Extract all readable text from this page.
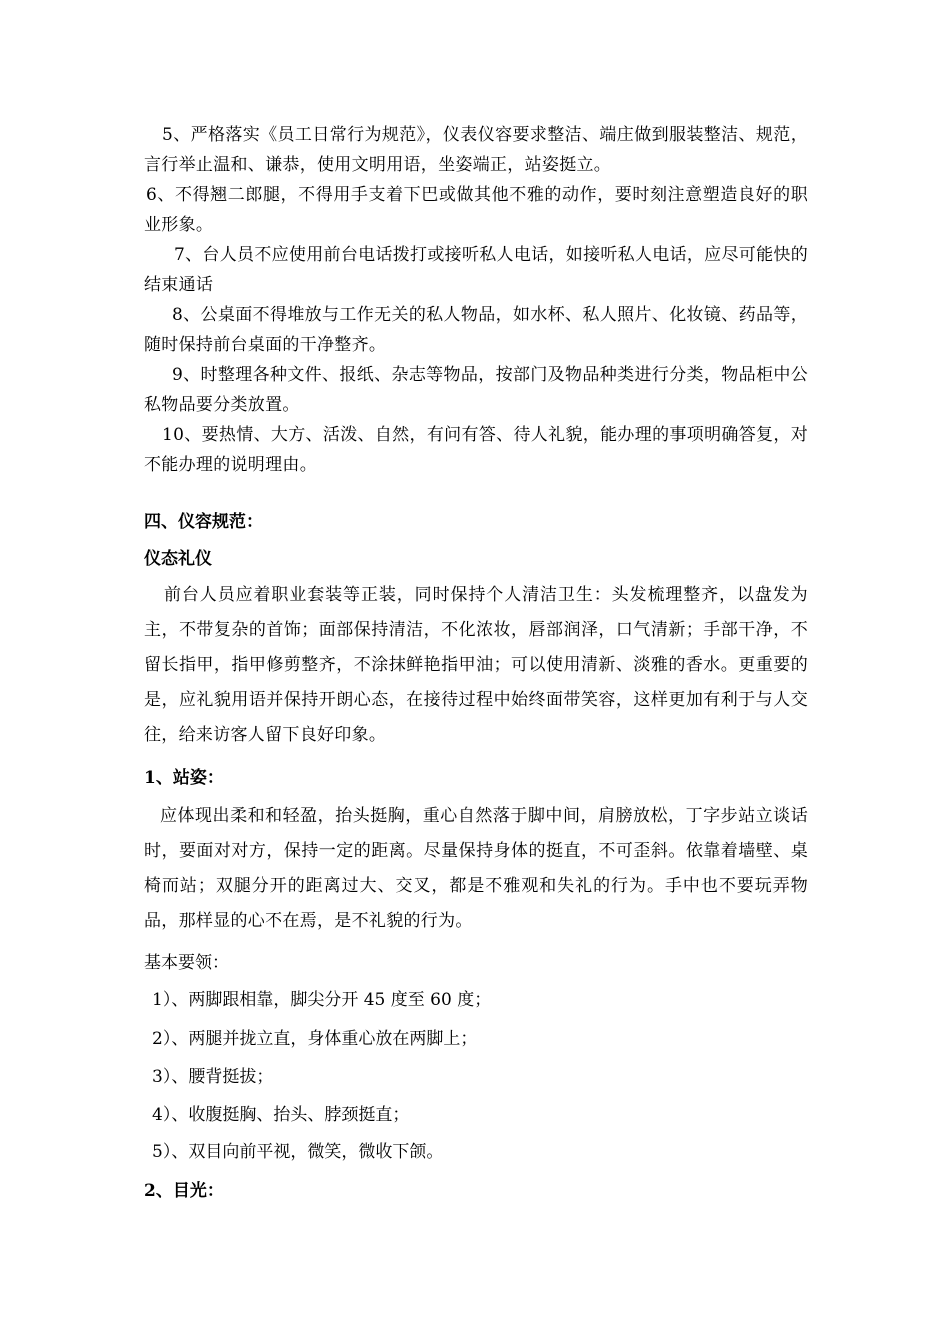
5、严格落实《员工日常行为规范》，仪表仪容要求整洁、端庄做到服装整洁、规范，言行举止温和、谦恭，使用文明用语，坐姿端正，站姿挺立。

6、不得翘二郎腿，不得用手支着下巴或做其他不雅的动作，要时刻注意塑造良好的职业形象。

7、台人员不应使用前台电话拨打或接听私人电话，如接听私人电话，应尽可能快的结束通话

8、公桌面不得堆放与工作无关的私人物品，如水杯、私人照片、化妆镜、药品等，随时保持前台桌面的干净整齐。

9、时整理各种文件、报纸、杂志等物品，按部门及物品种类进行分类，物品柜中公私物品要分类放置。

10、要热情、大方、活泼、自然，有问有答、待人礼貌，能办理的事项明确答复，对不能办理的说明理由。

四、仪容规范：

仪态礼仪

前台人员应着职业套装等正装，同时保持个人清洁卫生：头发梳理整齐，以盘发为主，不带复杂的首饰；面部保持清洁，不化浓妆，唇部润泽，口气清新；手部干净，不留长指甲，指甲修剪整齐，不涂抹鲜艳指甲油；可以使用清新、淡雅的香水。更重要的是，应礼貌用语并保持开朗心态，在接待过程中始终面带笑容，这样更加有利于与人交往，给来访客人留下良好印象。

1、站姿：

应体现出柔和和轻盈，抬头挺胸，重心自然落于脚中间，肩膀放松，丁字步站立谈话时，要面对对方，保持一定的距离。尽量保持身体的挺直，不可歪斜。依靠着墙壁、桌椅而站；双腿分开的距离过大、交叉，都是不雅观和失礼的行为。手中也不要玩弄物品，那样显的心不在焉，是不礼貌的行为。

基本要领：

1）、两脚跟相靠，脚尖分开 45 度至 60 度；

2）、两腿并拢立直，身体重心放在两脚上；

3）、腰背挺拔；

4）、收腹挺胸、抬头、脖颈挺直；

5）、双目向前平视，微笑，微收下颌。

2、目光：
